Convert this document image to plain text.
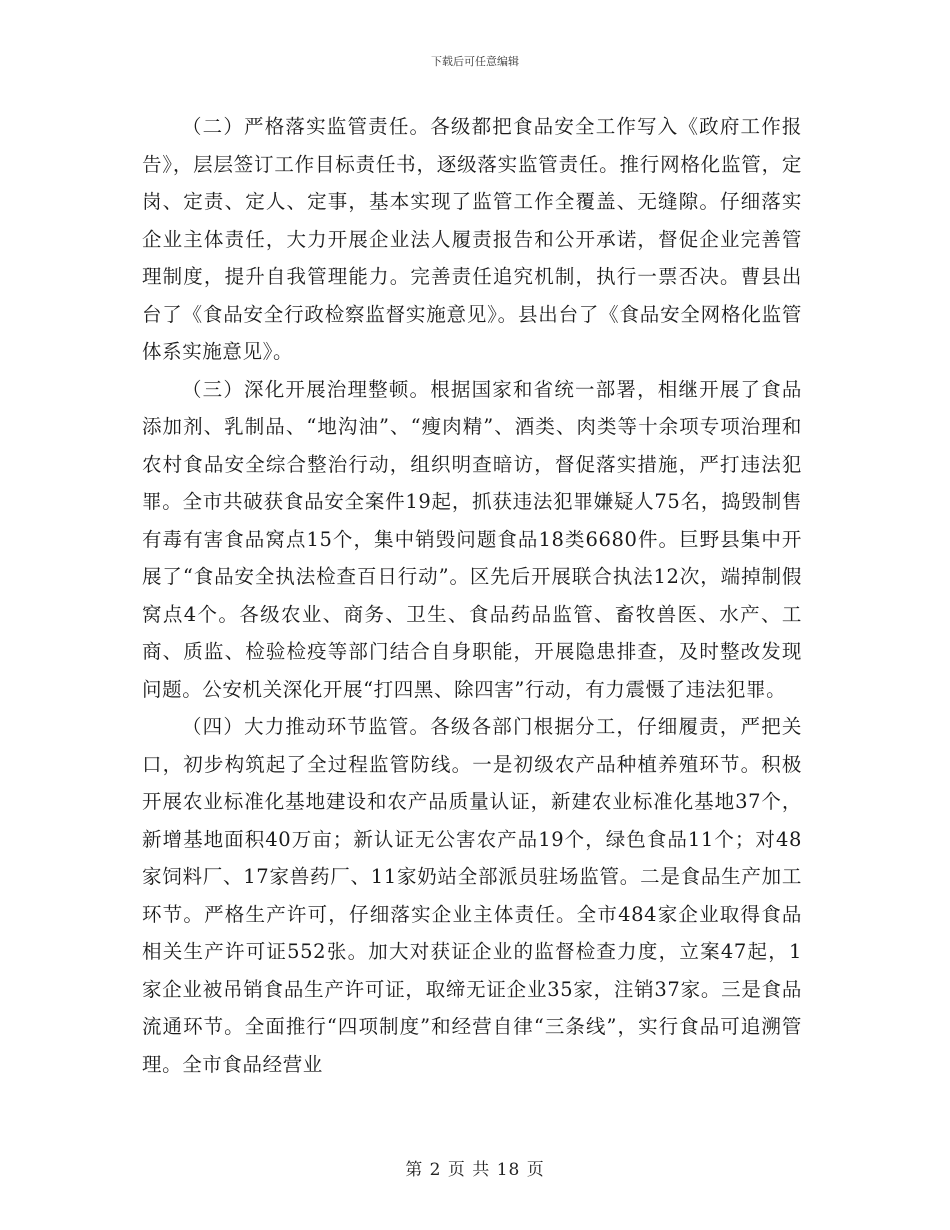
下载后可任意编辑

（二）严格落实监管责任。各级都把食品安全工作写入《政府工作报告》，层层签订工作目标责任书，逐级落实监管责任。推行网格化监管，定岗、定责、定人、定事，基本实现了监管工作全覆盖、无缝隙。仔细落实企业主体责任，大力开展企业法人履责报告和公开承诺，督促企业完善管理制度，提升自我管理能力。完善责任追究机制，执行一票否决。曹县出台了《食品安全行政检察监督实施意见》。县出台了《食品安全网格化监管体系实施意见》。

（三）深化开展治理整顿。根据国家和省统一部署，相继开展了食品添加剂、乳制品、“地沟油”、“瘦肉精”、酒类、肉类等十余项专项治理和农村食品安全综合整治行动，组织明查暗访，督促落实措施，严打违法犯罪。全市共破获食品安全案件19起，抓获违法犯罪嫌疑人75名，捣毁制售有毒有害食品窝点15个，集中销毁问题食品18类6680件。巨野县集中开展了“食品安全执法检查百日行动”。区先后开展联合执法12次，端掉制假窝点4个。各级农业、商务、卫生、食品药品监管、畜牧兽医、水产、工商、质监、检验检疫等部门结合自身职能，开展隐患排查，及时整改发现问题。公安机关深化开展“打四黑、除四害”行动，有力震慑了违法犯罪。

（四）大力推动环节监管。各级各部门根据分工，仔细履责，严把关口，初步构筑起了全过程监管防线。一是初级农产品种植养殖环节。积极开展农业标准化基地建设和农产品质量认证，新建农业标准化基地37个，新增基地面积40万亩；新认证无公害农产品19个，绿色食品11个；对48家饲料厂、17家兽药厂、11家奶站全部派员驻场监管。二是食品生产加工环节。严格生产许可，仔细落实企业主体责任。全市484家企业取得食品相关生产许可证552张。加大对获证企业的监督检查力度，立案47起，1家企业被吊销食品生产许可证，取缔无证企业35家，注销37家。三是食品流通环节。全面推行“四项制度”和经营自律“三条线”，实行食品可追溯管理。全市食品经营业

第 2 页 共 18 页
